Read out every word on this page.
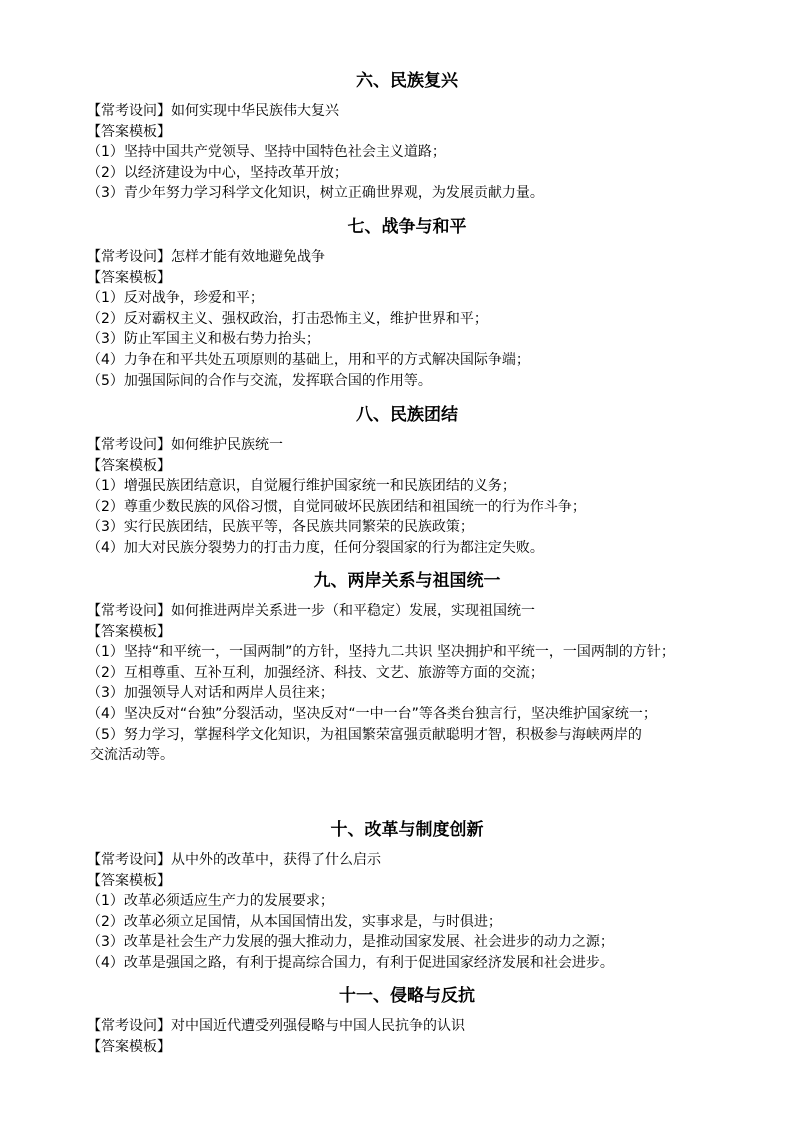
六、民族复兴
【常考设问】如何实现中华民族伟大复兴
【答案模板】
（1）坚持中国共产党领导、坚持中国特色社会主义道路；
（2）以经济建设为中心，坚持改革开放；
（3）青少年努力学习科学文化知识，树立正确世界观，为发展贡献力量。
七、战争与和平
【常考设问】怎样才能有效地避免战争
【答案模板】
（1）反对战争，珍爱和平；
（2）反对霸权主义、强权政治，打击恐怖主义，维护世界和平；
（3）防止军国主义和极右势力抬头；
（4）力争在和平共处五项原则的基础上，用和平的方式解决国际争端；
（5）加强国际间的合作与交流，发挥联合国的作用等。
八、民族团结
【常考设问】如何维护民族统一
【答案模板】
（1）增强民族团结意识，自觉履行维护国家统一和民族团结的义务；
（2）尊重少数民族的风俗习惯，自觉同破坏民族团结和祖国统一的行为作斗争；
（3）实行民族团结，民族平等，各民族共同繁荣的民族政策；
（4）加大对民族分裂势力的打击力度，任何分裂国家的行为都注定失败。
九、两岸关系与祖国统一
【常考设问】如何推进两岸关系进一步（和平稳定）发展，实现祖国统一
【答案模板】
（1）坚持“和平统一，一国两制”的方针，坚持九二共识 坚决拥护和平统一，一国两制的方针；
（2）互相尊重、互补互利，加强经济、科技、文艺、旅游等方面的交流；
（3）加强领导人对话和两岸人员往来；
（4）坚决反对“台独”分裂活动，坚决反对“一中一台”等各类台独言行，坚决维护国家统一；
（5）努力学习，掌握科学文化知识，为祖国繁荣富强贡献聪明才智，积极参与海峡两岸的
交流活动等。
十、改革与制度创新
【常考设问】从中外的改革中，获得了什么启示
【答案模板】
（1）改革必须适应生产力的发展要求；
（2）改革必须立足国情，从本国国情出发，实事求是，与时俱进；
（3）改革是社会生产力发展的强大推动力，是推动国家发展、社会进步的动力之源；
（4）改革是强国之路，有利于提高综合国力，有利于促进国家经济发展和社会进步。
十一、侵略与反抗
【常考设问】对中国近代遭受列强侵略与中国人民抗争的认识
【答案模板】
